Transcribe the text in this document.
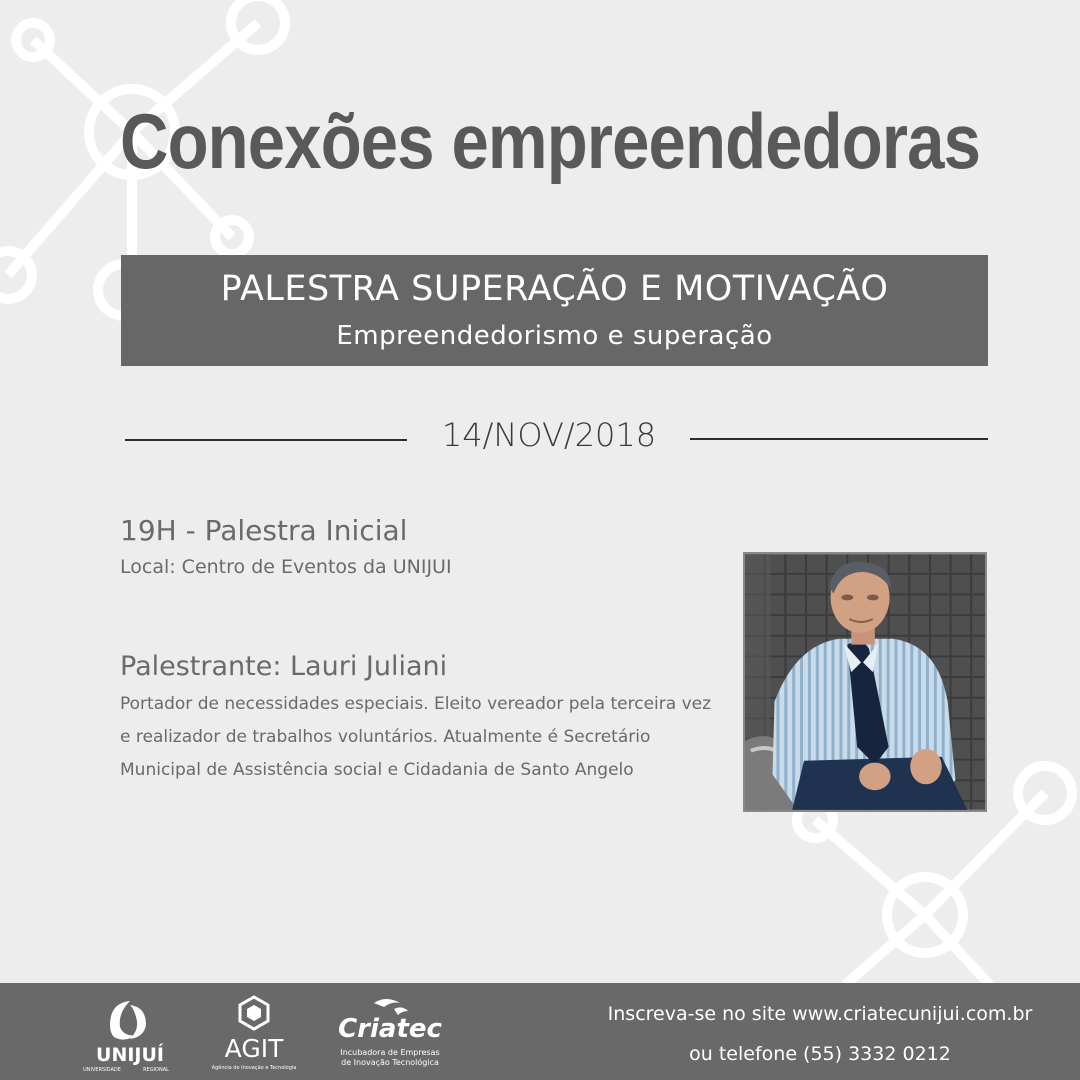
Conexões empreendedoras
PALESTRA SUPERAÇÃO E MOTIVAÇÃO
Empreendedorismo e superação
14/NOV/2018
19H - Palestra Inicial
Local: Centro de Eventos da UNIJUI
Palestrante: Lauri Juliani
Portador de necessidades especiais. Eleito vereador pela terceira vez e realizador de trabalhos voluntários. Atualmente é Secretário Municipal de Assistência social e Cidadania de Santo Angelo
UNIJUÍ
UNIVERSIDADE	REGIONAL
AGIT
Agência de Inovação e Tecnologia
Criatec
Incubadora de Empresas
de Inovação Tecnológica
Inscreva-se no site www.criatecunijui.com.br
ou telefone (55) 3332 0212
